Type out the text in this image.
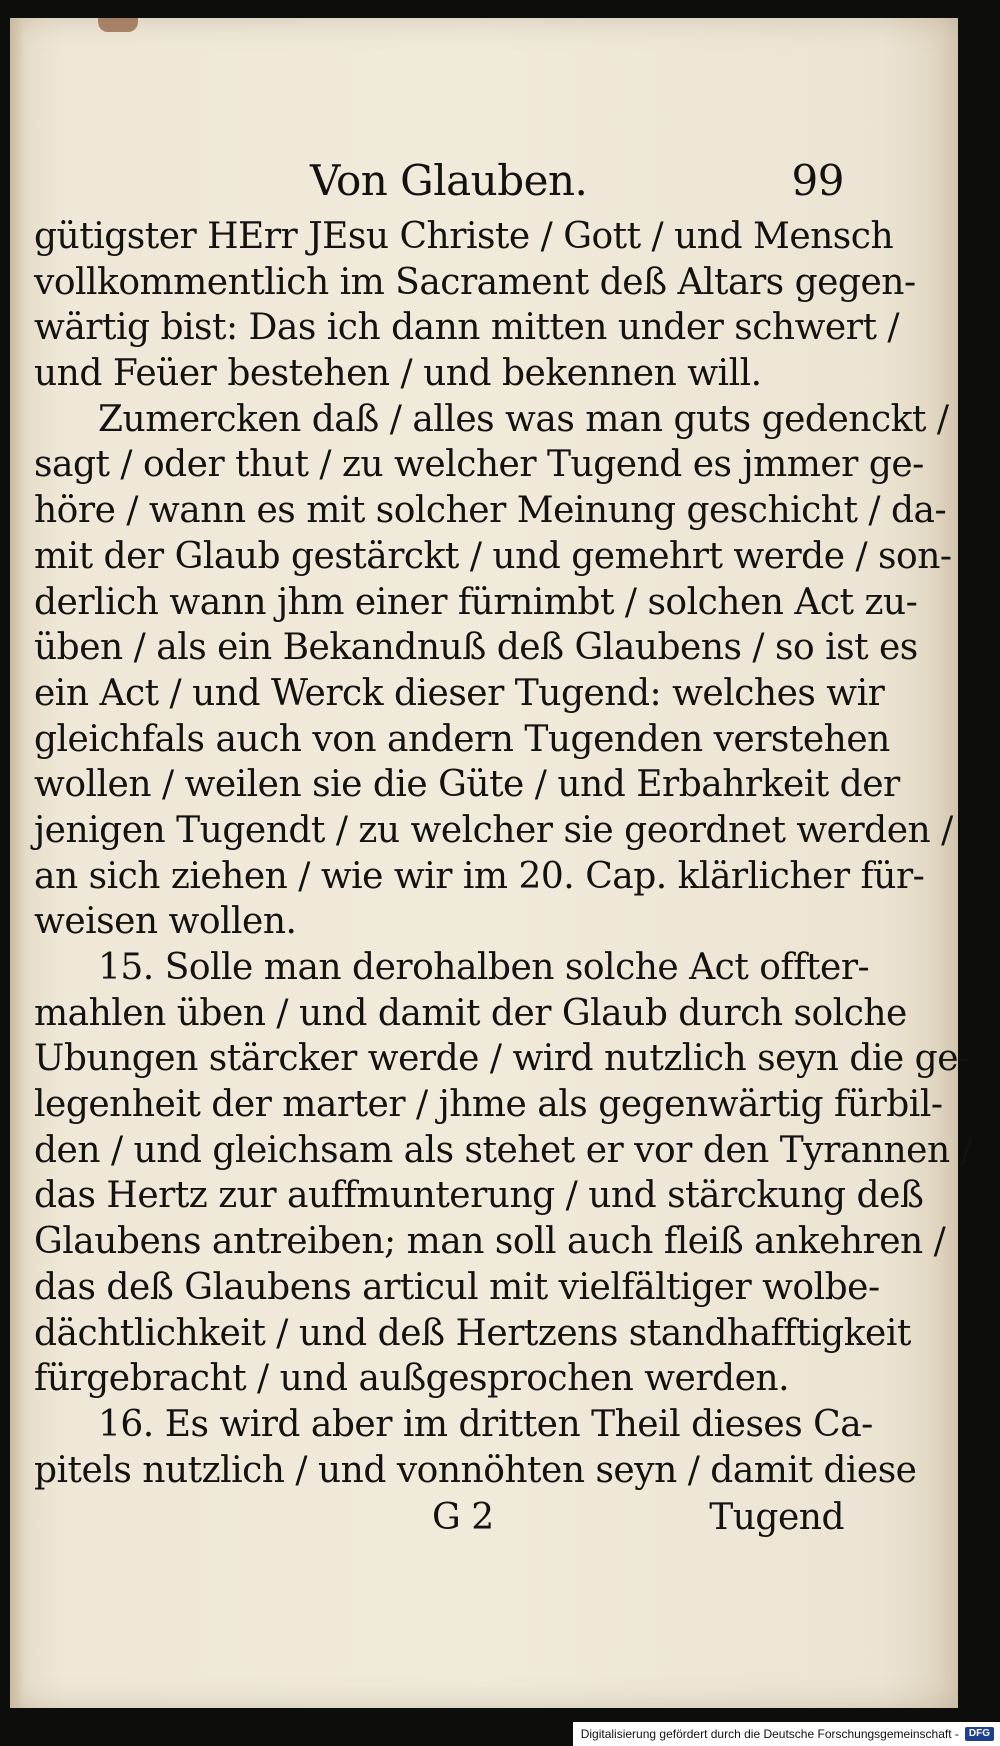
Von Glauben.	99
gütigster HErr JEsu Christe / Gott / und Mensch
vollkommentlich im Sacrament deß Altars gegen-
wärtig bist: Das ich dann mitten under schwert /
und Feüer bestehen / und bekennen will.
Zumercken daß / alles was man guts gedenckt /
sagt / oder thut / zu welcher Tugend es jmmer ge-
höre / wann es mit solcher Meinung geschicht / da-
mit der Glaub gestärckt / und gemehrt werde / son-
derlich wann jhm einer fürnimbt / solchen Act zu-
üben / als ein Bekandnuß deß Glaubens / so ist es
ein Act / und Werck dieser Tugend: welches wir
gleichfals auch von andern Tugenden verstehen
wollen / weilen sie die Güte / und Erbahrkeit der
jenigen Tugendt / zu welcher sie geordnet werden /
an sich ziehen / wie wir im 20. Cap. klärlicher für-
weisen wollen.
15. Solle man derohalben solche Act offter-
mahlen üben / und damit der Glaub durch solche
Ubungen stärcker werde / wird nutzlich seyn die ge-
legenheit der marter / jhme als gegenwärtig fürbil-
den / und gleichsam als stehet er vor den Tyrannen /
das Hertz zur auffmunterung / und stärckung deß
Glaubens antreiben; man soll auch fleiß ankehren /
das deß Glaubens articul mit vielfältiger wolbe-
dächtlichkeit / und deß Hertzens standhafftigkeit
fürgebracht / und außgesprochen werden.
16. Es wird aber im dritten Theil dieses Ca-
pitels nutzlich / und vonnöhten seyn / damit diese
G 2	Tugend
Digitalisierung gefördert durch die Deutsche Forschungsgemeinschaft -	DFG
